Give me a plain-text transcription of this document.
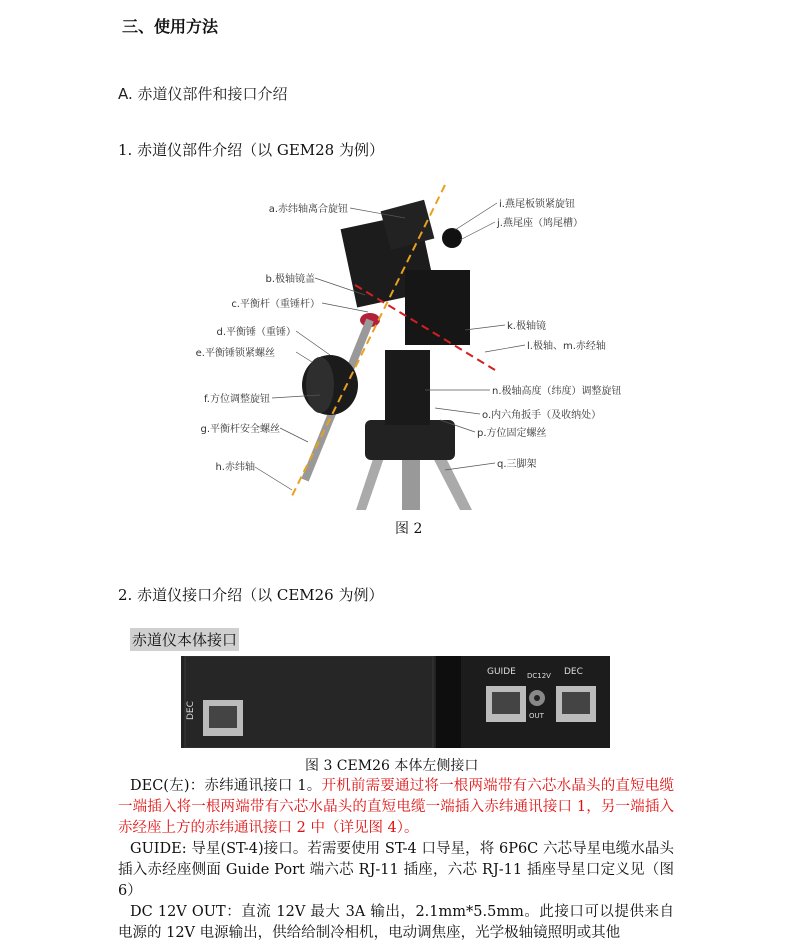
三、使用方法
A. 赤道仪部件和接口介绍
1. 赤道仪部件介绍（以 GEM28 为例）
a.赤纬轴离合旋钮
b.极轴镜盖
c.平衡杆（重锤杆）
d.平衡锤（重锤）
e.平衡锤锁紧螺丝
f.方位调整旋钮
g.平衡杆安全螺丝
h.赤纬轴
i.燕尾板锁紧旋钮
j.燕尾座（鸠尾槽）
k.极轴镜
l.极轴、m.赤经轴
n.极轴高度（纬度）调整旋钮
o.内六角扳手（及收纳处）
p.方位固定螺丝
q.三脚架
图 2
2. 赤道仪接口介绍（以 CEM26 为例）
赤道仪本体接口
DEC
GUIDE DC12V
OUT
DEC
图 3 CEM26 本体左侧接口
DEC(左)：赤纬通讯接口 1。开机前需要通过将一根两端带有六芯水晶头的直短电缆一端插入将一根两端带有六芯水晶头的直短电缆一端插入赤纬通讯接口 1，另一端插入赤经座上方的赤纬通讯接口 2 中（详见图 4）。
GUIDE: 导星(ST-4)接口。若需要使用 ST-4 口导星，将 6P6C 六芯导星电缆水晶头插入赤经座侧面 Guide Port 端六芯 RJ-11 插座，六芯 RJ-11 插座导星口定义见（图 6）
DC 12V OUT：直流 12V 最大 3A 输出，2.1mm*5.5mm。此接口可以提供来自电源的 12V 电源输出，供给给制冷相机，电动调焦座，光学极轴镜照明或其他
